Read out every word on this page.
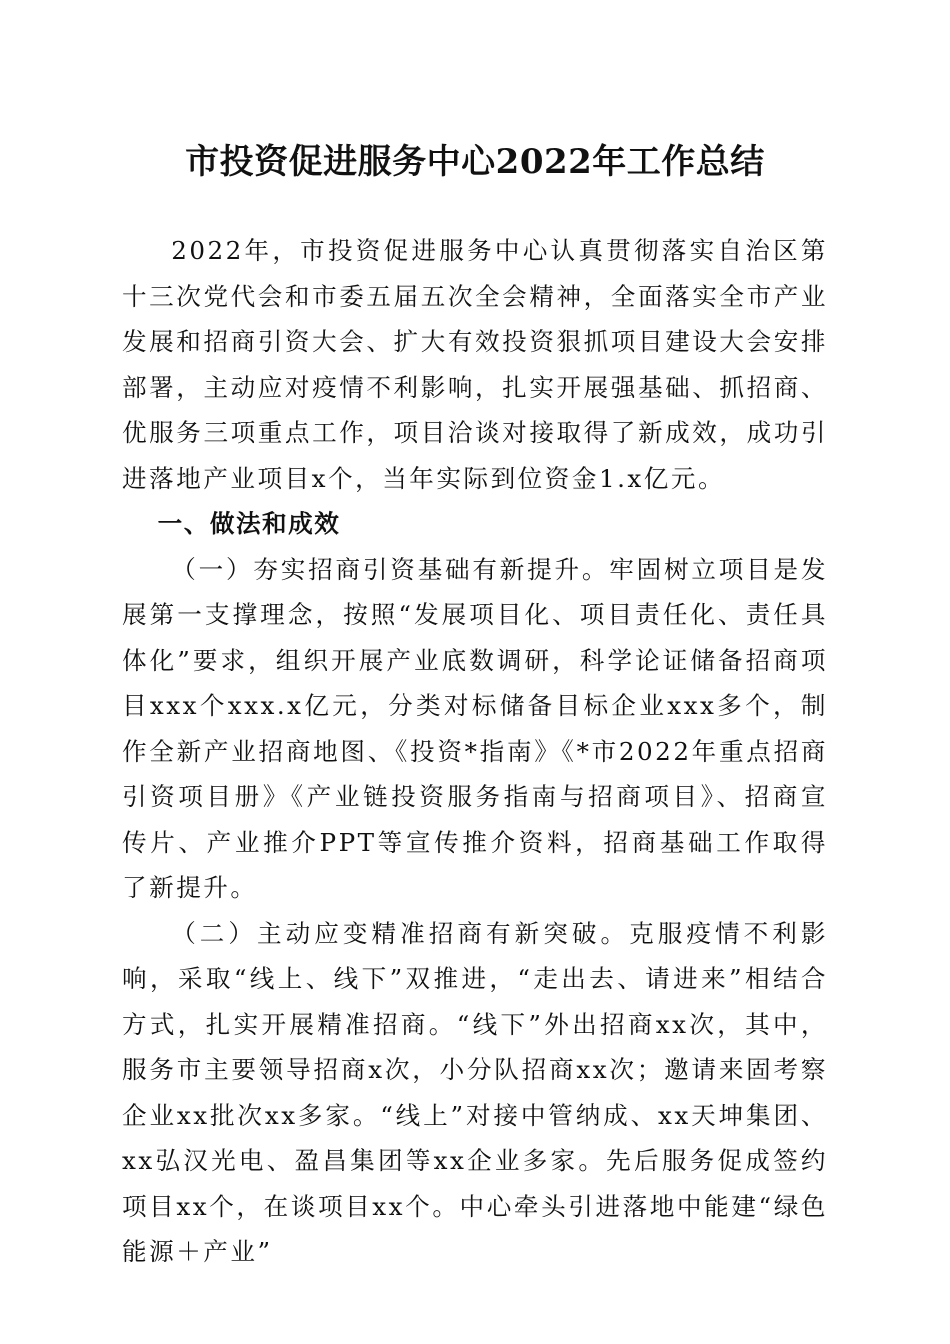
市投资促进服务中心2022年工作总结

2022年，市投资促进服务中心认真贯彻落实自治区第十三次党代会和市委五届五次全会精神，全面落实全市产业发展和招商引资大会、扩大有效投资狠抓项目建设大会安排部署，主动应对疫情不利影响，扎实开展强基础、抓招商、优服务三项重点工作，项目洽谈对接取得了新成效，成功引进落地产业项目x个，当年实际到位资金1.x亿元。

一、做法和成效

（一）夯实招商引资基础有新提升。牢固树立项目是发展第一支撑理念，按照“发展项目化、项目责任化、责任具体化”要求，组织开展产业底数调研，科学论证储备招商项目xxx个xxx.x亿元，分类对标储备目标企业xxx多个，制作全新产业招商地图、《投资*指南》《*市2022年重点招商引资项目册》《产业链投资服务指南与招商项目》、招商宣传片、产业推介PPT等宣传推介资料，招商基础工作取得了新提升。

（二）主动应变精准招商有新突破。克服疫情不利影响，采取“线上、线下”双推进，“走出去、请进来”相结合方式，扎实开展精准招商。“线下”外出招商xx次，其中，服务市主要领导招商x次，小分队招商xx次；邀请来固考察企业xx批次xx多家。“线上”对接中管纳成、xx天坤集团、xx弘汉光电、盈昌集团等xx企业多家。先后服务促成签约项目xx个，在谈项目xx个。中心牵头引进落地中能建“绿色能源＋产业”
